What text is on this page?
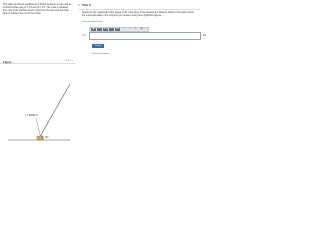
The static and kinetic coefficients of friction between a crate and an inclined surface are μs = 0.3 and μk = 0.2. The crate is released from rest at the position shown; determine the speed of the crate when it reaches the end of the incline.
▾ Part A
Determine the magnitude of the speed of the crate when it has traveled the distance shown in the figure. Enter the numerical value in ft/s. Express your answer using three significant figures.
View Available Hint(s)
▣	√x	ΑΣφ	↕	vec	↶	↷	⟳	▦	?
v =	ft/s
Submit
Provide Feedback
Figure	< 1 of 1 >
30°
s = 60000 ft
